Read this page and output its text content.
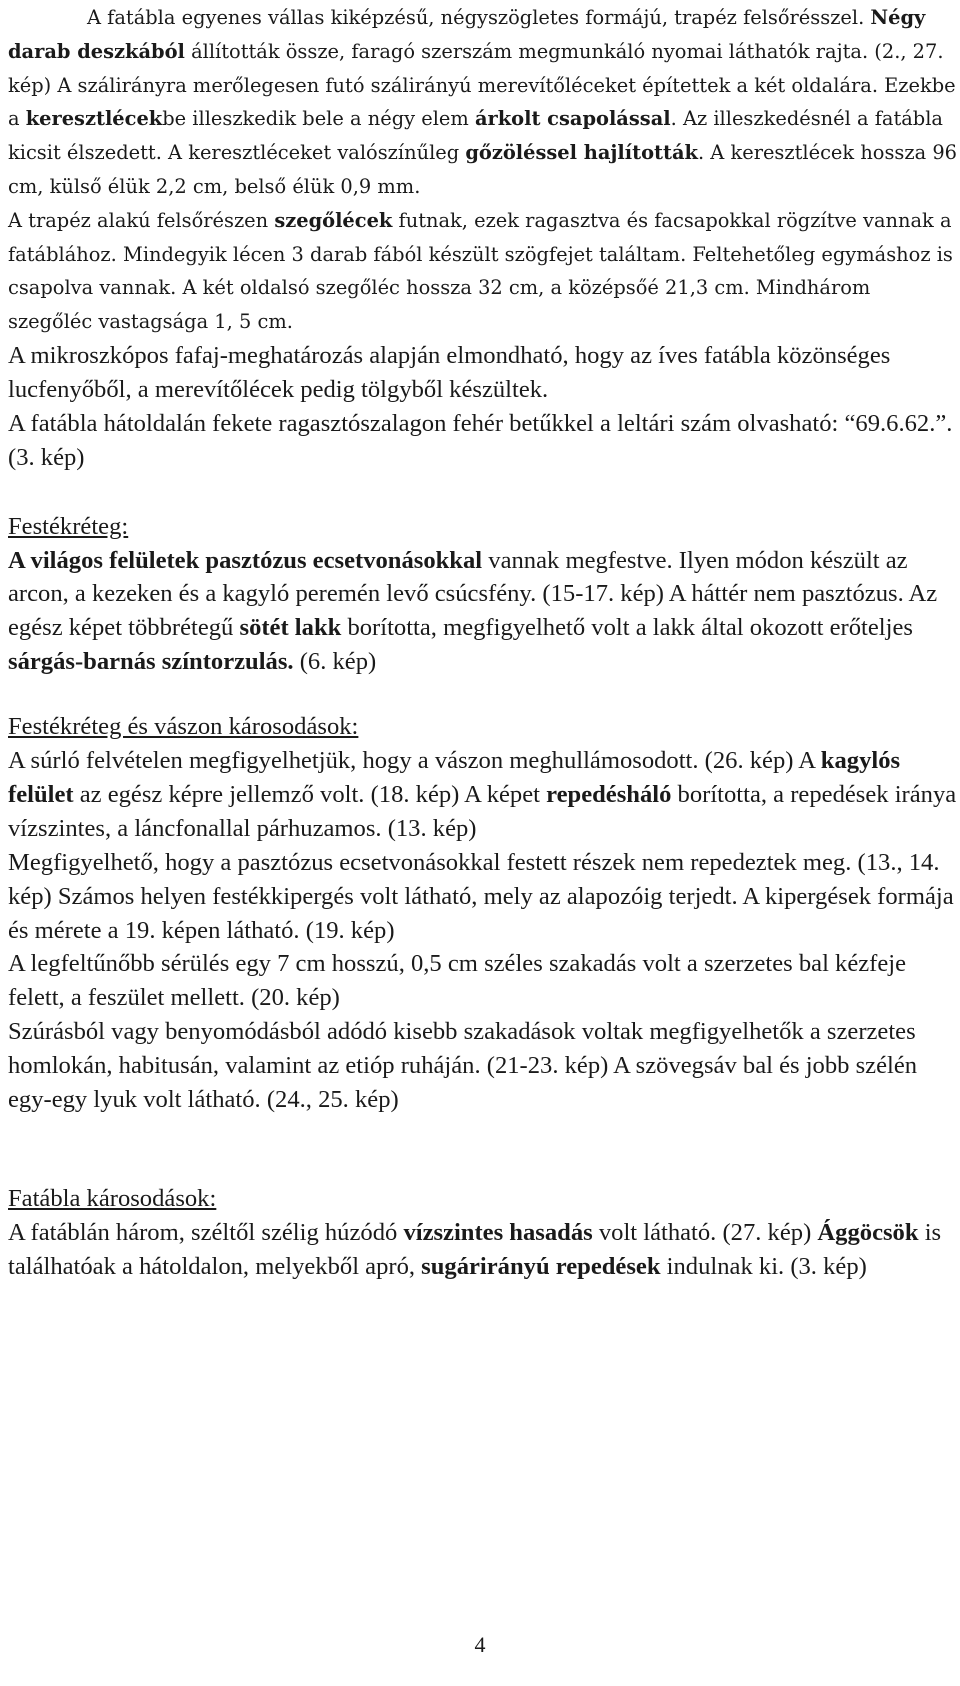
A fatábla egyenes vállas kiképzésű, négyszögletes formájú, trapéz felsőrésszel. Négy darab deszkából állították össze, faragó szerszám megmunkáló nyomai láthatók rajta. (2., 27. kép) A szálirányra merőlegesen futó szálirányú merevítőléceket építettek a két oldalára. Ezekbe a keresztlécekbe illeszkedik bele a négy elem árkolt csapolással. Az illeszkedésnél a fatábla kicsit élszedett. A keresztléceket valószínűleg gőzöléssel hajlították. A keresztlécek hossza 96 cm, külső élük 2,2 cm, belső élük 0,9 mm.

A trapéz alakú felsőrészen szegőlécek futnak, ezek ragasztva és facsapokkal rögzítve vannak a fatáblához. Mindegyik lécen 3 darab fából készült szögfejet találtam. Feltehetőleg egymáshoz is csapolva vannak. A két oldalsó szegőléc hossza 32 cm, a középsőé 21,3 cm. Mindhárom szegőléc vastagsága 1, 5 cm.

A mikroszkópos fafaj-meghatározás alapján elmondható, hogy az íves fatábla közönséges lucfenyőből, a merevítőlécek pedig tölgyből készültek.

A fatábla hátoldalán fekete ragasztószalagon fehér betűkkel a leltári szám olvasható: “69.6.62.”. (3. kép)

Festékréteg:

A világos felületek pasztózus ecsetvonásokkal vannak megfestve. Ilyen módon készült az arcon, a kezeken és a kagyló peremén levő csúcsfény. (15-17. kép) A háttér nem pasztózus. Az egész képet többrétegű sötét lakk borította, megfigyelhető volt a lakk által okozott erőteljes sárgás-barnás színtorzulás. (6. kép)

Festékréteg és vászon károsodások:

A súrló felvételen megfigyelhetjük, hogy a vászon meghullámosodott. (26. kép) A kagylós felület az egész képre jellemző volt. (18. kép) A képet repedésháló borította, a repedések iránya vízszintes, a láncfonallal párhuzamos. (13. kép)

Megfigyelhető, hogy a pasztózus ecsetvonásokkal festett részek nem repedeztek meg. (13., 14. kép) Számos helyen festékkipergés volt látható, mely az alapozóig terjedt. A kipergések formája és mérete a 19. képen látható. (19. kép)

A legfeltűnőbb sérülés egy 7 cm hosszú, 0,5 cm széles szakadás volt a szerzetes bal kézfeje felett, a feszület mellett. (20. kép)

Szúrásból vagy benyomódásból adódó kisebb szakadások voltak megfigyelhetők a szerzetes homlokán, habitusán, valamint az etióp ruháján. (21-23. kép) A szövegsáv bal és jobb szélén egy-egy lyuk volt látható. (24., 25. kép)

Fatábla károsodások:

A fatáblán három, széltől szélig húzódó vízszintes hasadás volt látható. (27. kép) Ággöcsök is találhatóak a hátoldalon, melyekből apró, sugárirányú repedések indulnak ki. (3. kép)

4
